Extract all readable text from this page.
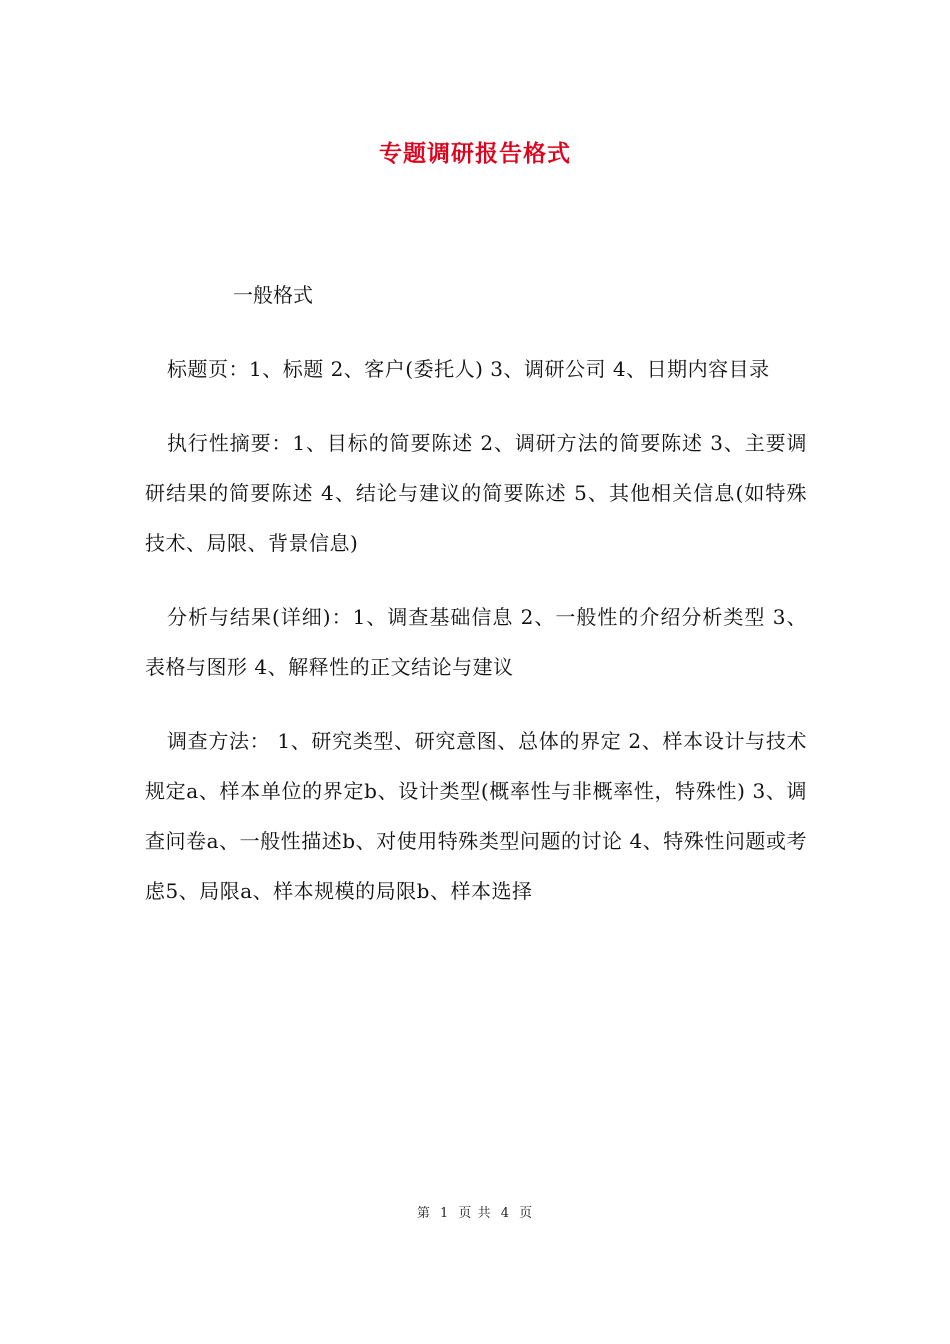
专题调研报告格式
一般格式

标题页：1、标题 2、客户(委托人) 3、调研公司 4、日期内容目录

执行性摘要：1、目标的简要陈述 2、调研方法的简要陈述 3、主要调研结果的简要陈述 4、结论与建议的简要陈述 5、其他相关信息(如特殊技术、局限、背景信息)

分析与结果(详细)：1、调查基础信息 2、一般性的介绍分析类型 3、表格与图形 4、解释性的正文结论与建议

调查方法： 1、研究类型、研究意图、总体的界定 2、样本设计与技术规定a、样本单位的界定b、设计类型(概率性与非概率性，特殊性) 3、调查问卷a、一般性描述b、对使用特殊类型问题的讨论 4、特殊性问题或考虑5、局限a、样本规模的局限b、样本选择

第 1 页 共 4 页
